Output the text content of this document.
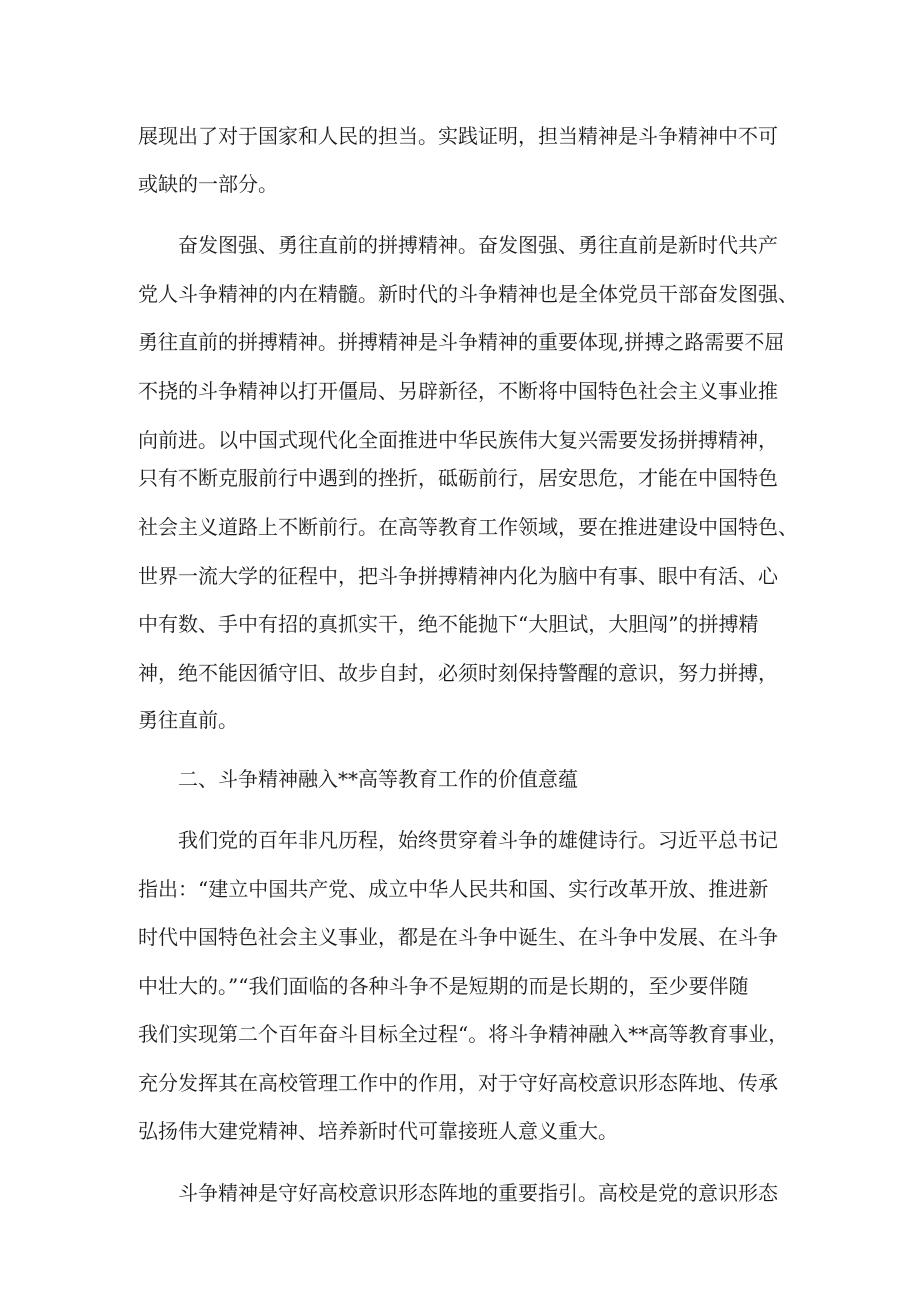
展现出了对于国家和人民的担当。实践证明，担当精神是斗争精神中不可
或缺的一部分。
奋发图强、勇往直前的拼搏精神。奋发图强、勇往直前是新时代共产
党人斗争精神的内在精髓。新时代的斗争精神也是全体党员干部奋发图强、
勇往直前的拼搏精神。拼搏精神是斗争精神的重要体现,拼搏之路需要不屈
不挠的斗争精神以打开僵局、另辟新径，不断将中国特色社会主义事业推
向前进。以中国式现代化全面推进中华民族伟大复兴需要发扬拼搏精神，
只有不断克服前行中遇到的挫折，砥砺前行，居安思危，才能在中国特色
社会主义道路上不断前行。在高等教育工作领域，要在推进建设中国特色、
世界一流大学的征程中，把斗争拼搏精神内化为脑中有事、眼中有活、心
中有数、手中有招的真抓实干，绝不能抛下“大胆试，大胆闯”的拼搏精
神，绝不能因循守旧、故步自封，必须时刻保持警醒的意识，努力拼搏，
勇往直前。
二、斗争精神融入**高等教育工作的价值意蕴
我们党的百年非凡历程，始终贯穿着斗争的雄健诗行。习近平总书记
指出：“建立中国共产党、成立中华人民共和国、实行改革开放、推进新
时代中国特色社会主义事业，都是在斗争中诞生、在斗争中发展、在斗争
中壮大的。”“我们面临的各种斗争不是短期的而是长期的，至少要伴随
我们实现第二个百年奋斗目标全过程“。将斗争精神融入**高等教育事业，
充分发挥其在高校管理工作中的作用，对于守好高校意识形态阵地、传承
弘扬伟大建党精神、培养新时代可靠接班人意义重大。
斗争精神是守好高校意识形态阵地的重要指引。高校是党的意识形态
